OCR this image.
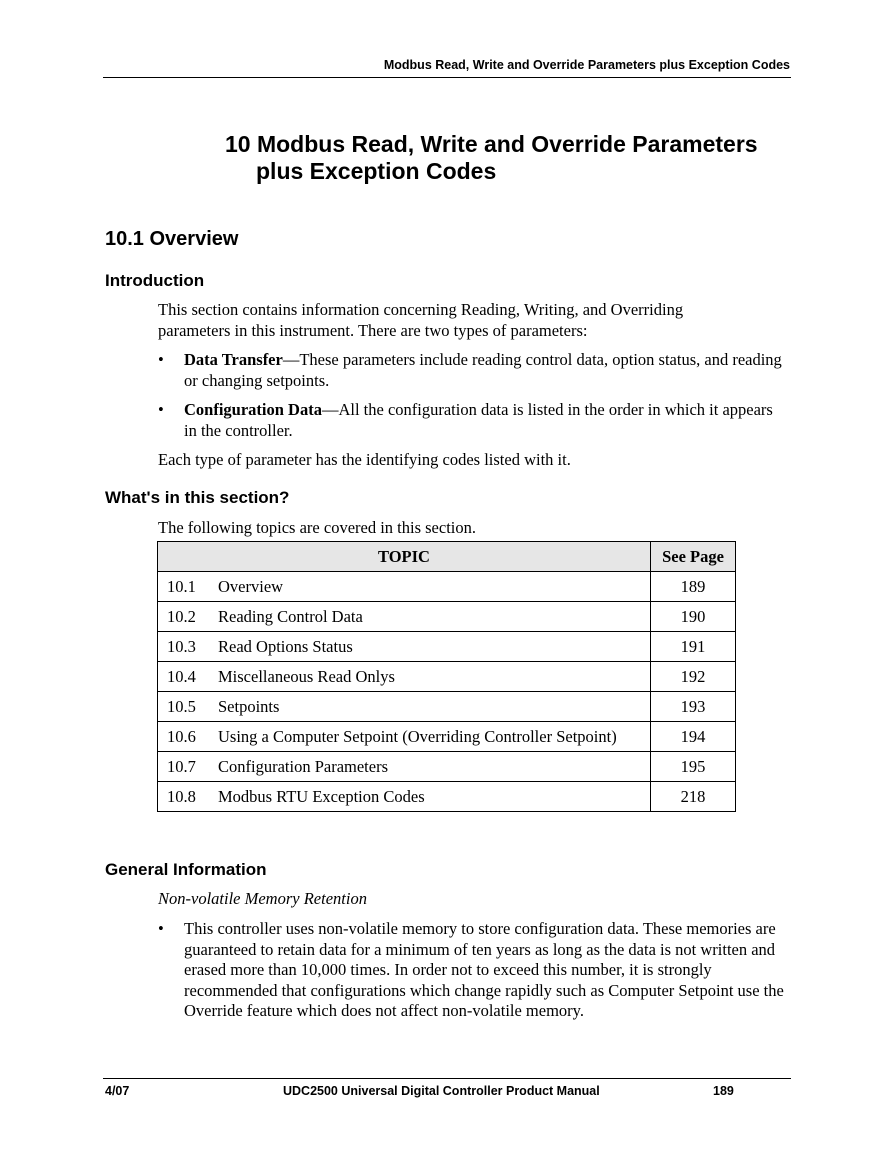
Modbus Read, Write and Override Parameters plus Exception Codes
10 Modbus Read, Write and Override Parameters
plus Exception Codes
10.1 Overview
Introduction
This section contains information concerning Reading, Writing, and Overriding parameters in this instrument. There are two types of parameters:
• Data Transfer—These parameters include reading control data, option status, and reading or changing setpoints.
• Configuration Data—All the configuration data is listed in the order in which it appears in the controller.
Each type of parameter has the identifying codes listed with it.
What's in this section?
The following topics are covered in this section.
TOPIC	See Page
10.1 Overview	189
10.2 Reading Control Data	190
10.3 Read Options Status	191
10.4 Miscellaneous Read Onlys	192
10.5 Setpoints	193
10.6 Using a Computer Setpoint (Overriding Controller Setpoint)	194
10.7 Configuration Parameters	195
10.8 Modbus RTU Exception Codes	218
General Information
Non-volatile Memory Retention
• This controller uses non-volatile memory to store configuration data. These memories are guaranteed to retain data for a minimum of ten years as long as the data is not written and erased more than 10,000 times. In order not to exceed this number, it is strongly recommended that configurations which change rapidly such as Computer Setpoint use the Override feature which does not affect non-volatile memory.
4/07	UDC2500 Universal Digital Controller Product Manual	189
